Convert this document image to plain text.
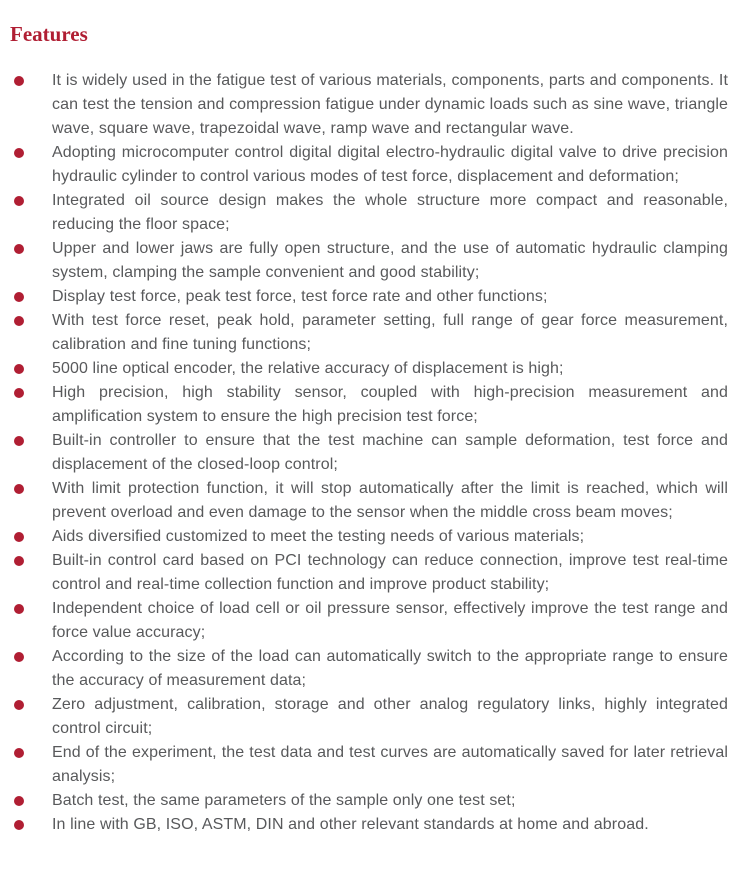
Features
It is widely used in the fatigue test of various materials, components, parts and components. It can test the tension and compression fatigue under dynamic loads such as sine wave, triangle wave, square wave, trapezoidal wave, ramp wave and rectangular wave.
Adopting microcomputer control digital digital electro-hydraulic digital valve to drive precision hydraulic cylinder to control various modes of test force, displacement and deformation;
Integrated oil source design makes the whole structure more compact and reasonable, reducing the floor space;
Upper and lower jaws are fully open structure, and the use of automatic hydraulic clamping system, clamping the sample convenient and good stability;
Display test force, peak test force, test force rate and other functions;
With test force reset, peak hold, parameter setting, full range of gear force measurement, calibration and fine tuning functions;
5000 line optical encoder, the relative accuracy of displacement is high;
High precision, high stability sensor, coupled with high-precision measurement and amplification system to ensure the high precision test force;
Built-in controller to ensure that the test machine can sample deformation, test force and displacement of the closed-loop control;
With limit protection function, it will stop automatically after the limit is reached, which will prevent overload and even damage to the sensor when the middle cross beam moves;
Aids diversified customized to meet the testing needs of various materials;
Built-in control card based on PCI technology can reduce connection, improve test real-time control and real-time collection function and improve product stability;
Independent choice of load cell or oil pressure sensor, effectively improve the test range and force value accuracy;
According to the size of the load can automatically switch to the appropriate range to ensure the accuracy of measurement data;
Zero adjustment, calibration, storage and other analog regulatory links, highly integrated control circuit;
End of the experiment, the test data and test curves are automatically saved for later retrieval analysis;
Batch test, the same parameters of the sample only one test set;
In line with GB, ISO, ASTM, DIN and other relevant standards at home and abroad.
